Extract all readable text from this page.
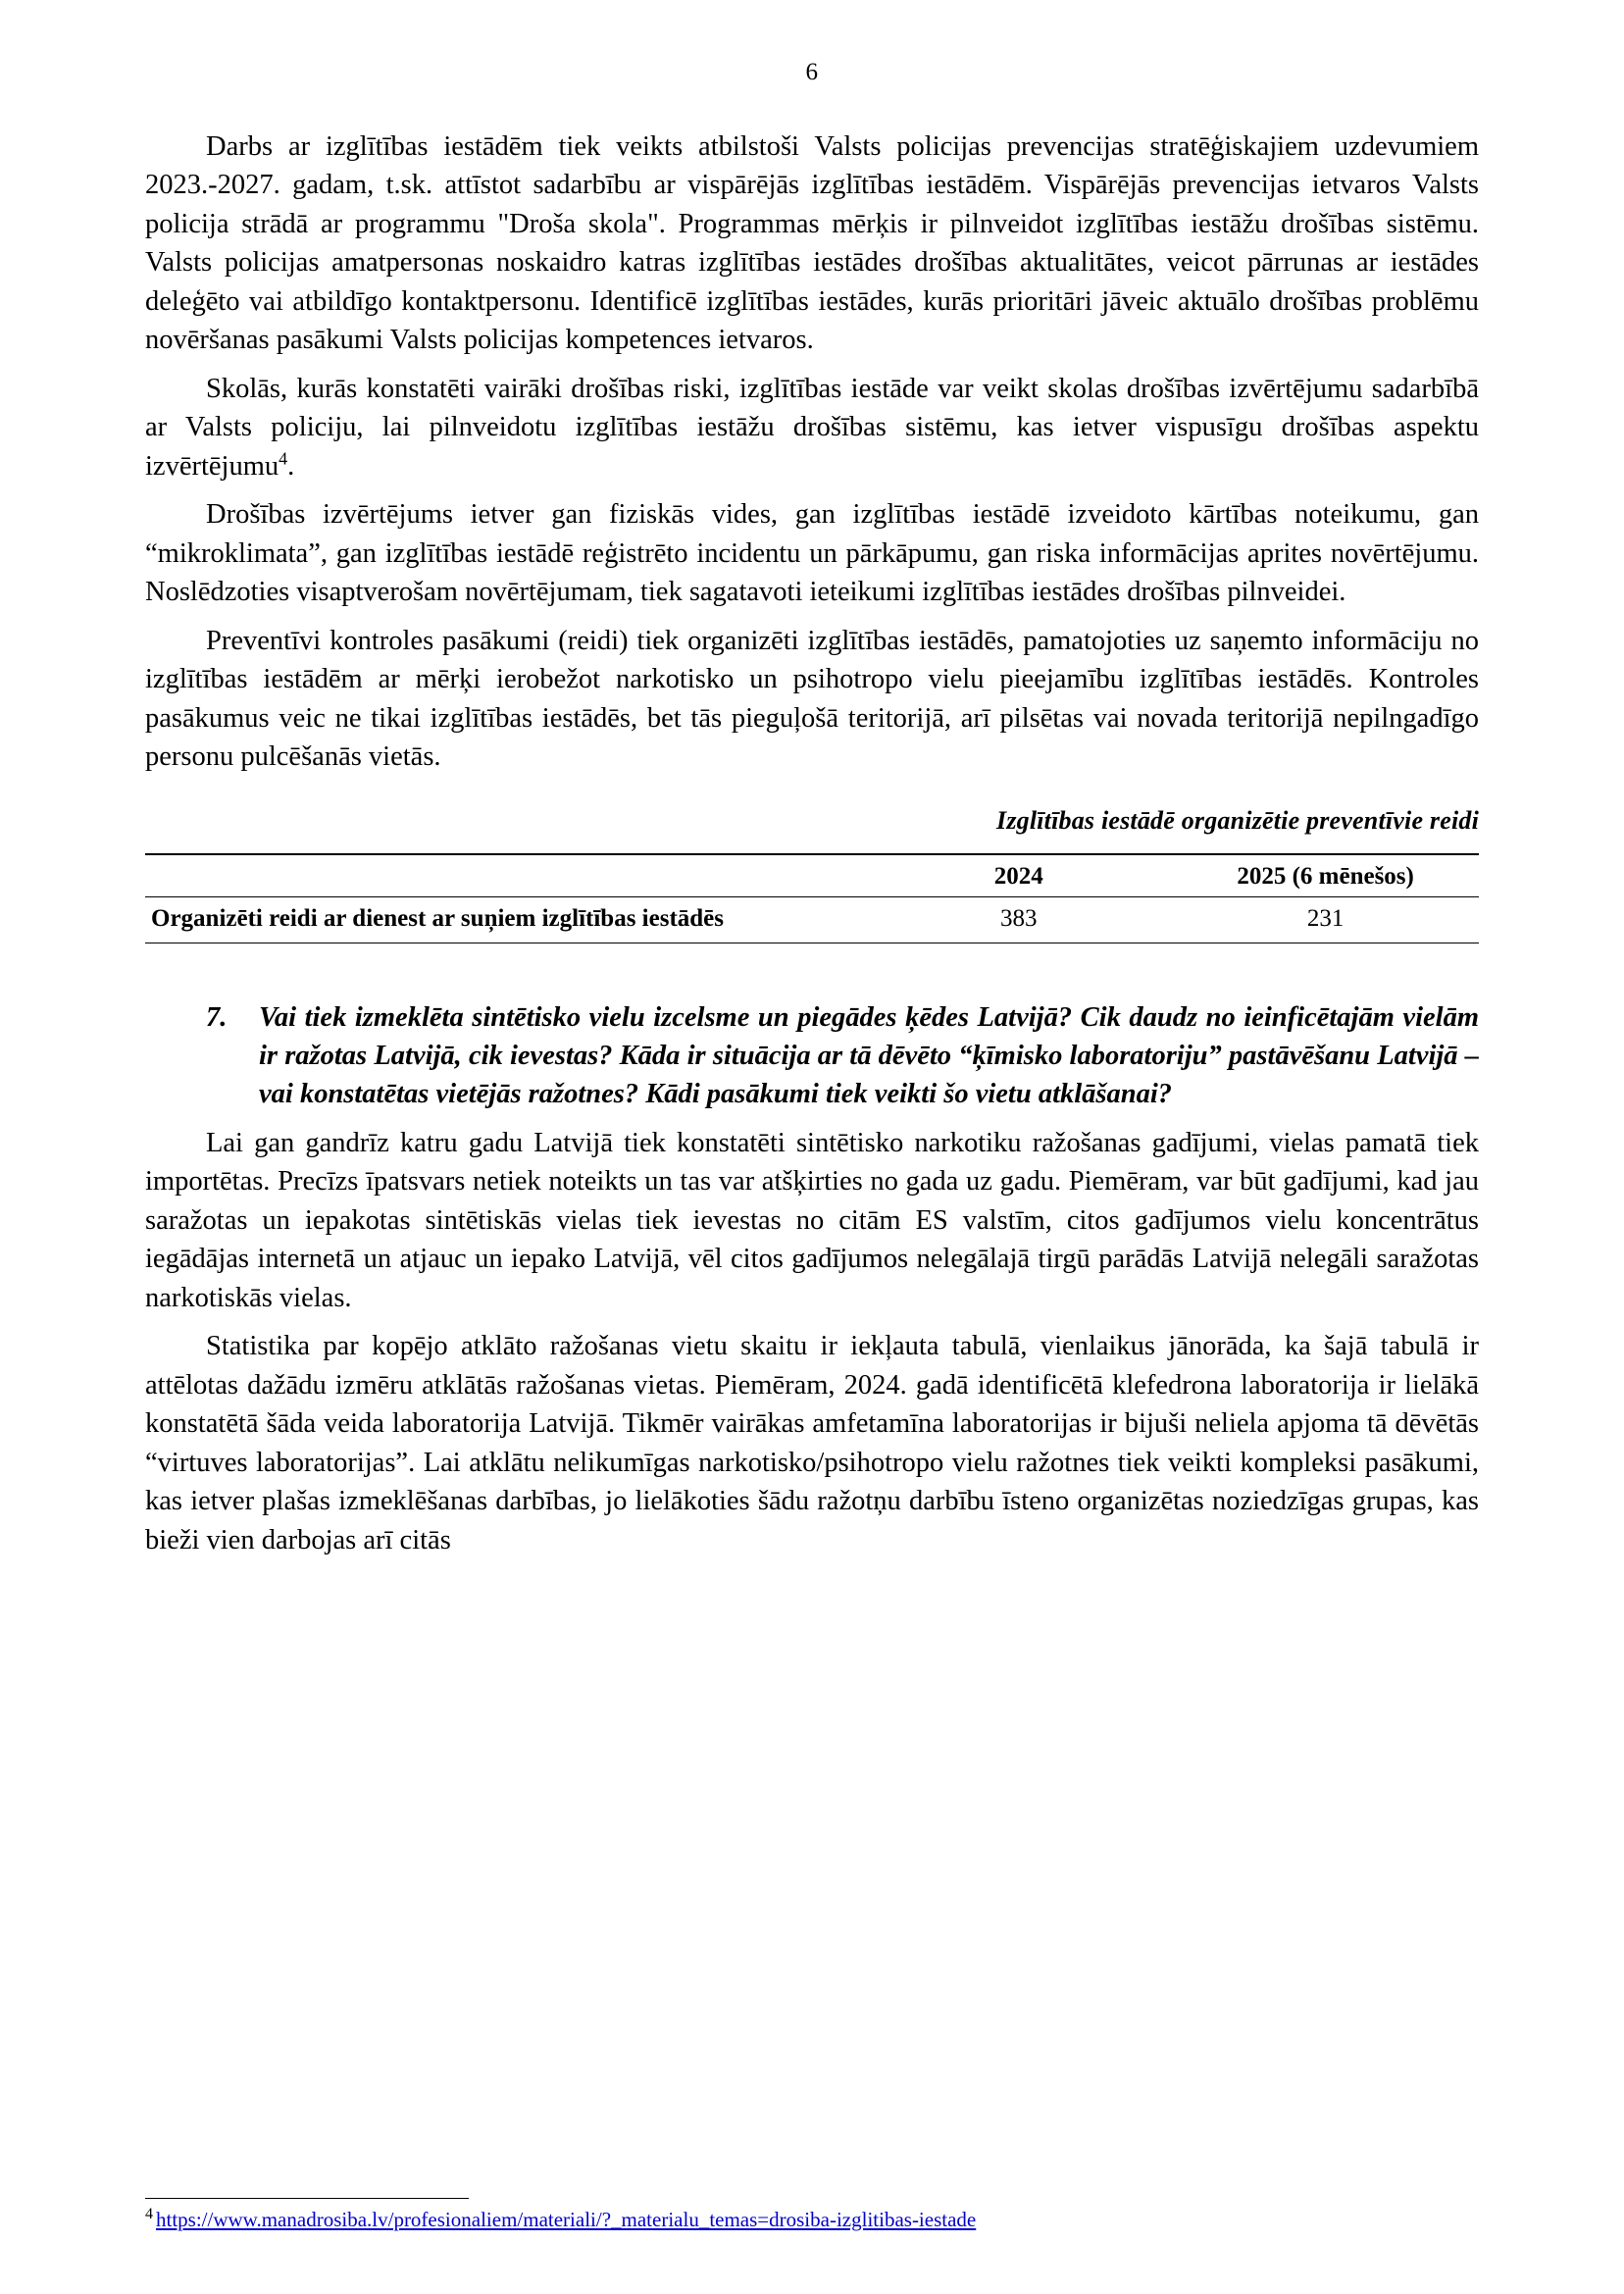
6

Darbs ar izglītības iestādēm tiek veikts atbilstoši Valsts policijas prevencijas stratēģiskajiem uzdevumiem 2023.-2027. gadam, t.sk. attīstot sadarbību ar vispārējās izglītības iestādēm. Vispārējās prevencijas ietvaros Valsts policija strādā ar programmu "Droša skola". Programmas mērķis ir pilnveidot izglītības iestāžu drošības sistēmu. Valsts policijas amatpersonas noskaidro katras izglītības iestādes drošības aktualitātes, veicot pārrunas ar iestādes deleģēto vai atbildīgo kontaktpersonu. Identificē izglītības iestādes, kurās prioritāri jāveic aktuālo drošības problēmu novēršanas pasākumi Valsts policijas kompetences ietvaros.

Skolās, kurās konstatēti vairāki drošības riski, izglītības iestāde var veikt skolas drošības izvērtējumu sadarbībā ar Valsts policiju, lai pilnveidotu izglītības iestāžu drošības sistēmu, kas ietver vispusīgu drošības aspektu izvērtējumu$^4$.

Drošības izvērtējums ietver gan fiziskās vides, gan izglītības iestādē izveidoto kārtības noteikumu, gan “mikroklimata”, gan izglītības iestādē reģistrēto incidentu un pārkāpumu, gan riska informācijas aprites novērtējumu. Noslēdzoties visaptverošam novērtējumam, tiek sagatavoti ieteikumi izglītības iestādes drošības pilnveidei.

Preventīvi kontroles pasākumi (reidi) tiek organizēti izglītības iestādēs, pamatojoties uz saņemto informāciju no izglītības iestādēm ar mērķi ierobežot narkotisko un psihotropo vielu pieejamību izglītības iestādēs. Kontroles pasākumus veic ne tikai izglītības iestādēs, bet tās pieguļošā teritorijā, arī pilsētas vai novada teritorijā nepilngadīgo personu pulcēšanās vietās.

Izglītības iestādē organizētie preventīvie reidi
	2024	2025 (6 mēnešos)
Organizēti reidi ar dienest ar suņiem izglītības iestādēs	383	231
7.	Vai tiek izmeklēta sintētisko vielu izcelsme un piegādes ķēdes Latvijā? Cik daudz no ieinficētajām vielām ir ražotas Latvijā, cik ievestas? Kāda ir situācija ar tā dēvēto “ķīmisko laboratoriju” pastāvēšanu Latvijā – vai konstatētas vietējās ražotnes? Kādi pasākumi tiek veikti šo vietu atklāšanai?

Lai gan gandrīz katru gadu Latvijā tiek konstatēti sintētisko narkotiku ražošanas gadījumi, vielas pamatā tiek importētas. Precīzs īpatsvars netiek noteikts un tas var atšķirties no gada uz gadu. Piemēram, var būt gadījumi, kad jau saražotas un iepakotas sintētiskās vielas tiek ievestas no citām ES valstīm, citos gadījumos vielu koncentrātus iegādājas internetā un atjauc un iepako Latvijā, vēl citos gadījumos nelegālajā tirgū parādās Latvijā nelegāli saražotas narkotiskās vielas.

Statistika par kopējo atklāto ražošanas vietu skaitu ir iekļauta tabulā, vienlaikus jānorāda, ka šajā tabulā ir attēlotas dažādu izmēru atklātās ražošanas vietas. Piemēram, 2024. gadā identificētā klefedrona laboratorija ir lielākā konstatētā šāda veida laboratorija Latvijā. Tikmēr vairākas amfetamīna laboratorijas ir bijuši neliela apjoma tā dēvētās “virtuves laboratorijas”. Lai atklātu nelikumīgas narkotisko/psihotropo vielu ražotnes tiek veikti kompleksi pasākumi, kas ietver plašas izmeklēšanas darbības, jo lielākoties šādu ražotņu darbību īsteno organizētas noziedzīgas grupas, kas bieži vien darbojas arī citās

$^4$ https://www.manadrosiba.lv/profesionaliem/materiali/?_materialu_temas=drosiba-izglitibas-iestade
